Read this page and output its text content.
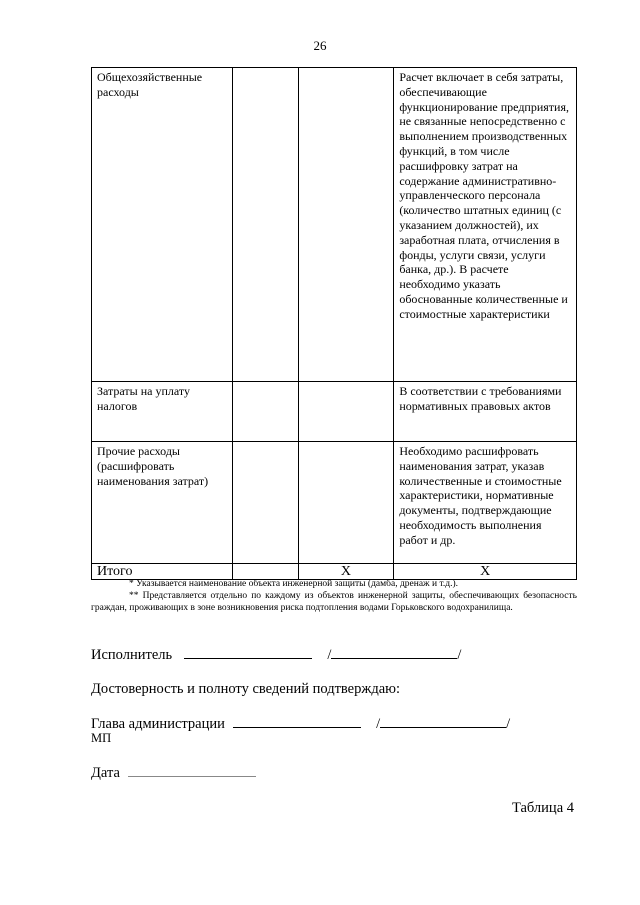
26
Общехозяйственные расходы			Расчет включает в себя затраты, обеспечивающие функционирование предприятия, не связанные непосредственно с выполнением производственных функций, в том числе расшифровку затрат на содержание административно-управленческого персонала (количество штатных единиц (с указанием должностей), их заработная плата, отчисления в фонды, услуги связи, услуги банка, др.). В расчете необходимо указать обоснованные количественные и стоимостные характеристики
Затраты на уплату налогов			В соответствии с требованиями нормативных правовых актов
Прочие расходы (расшифровать наименования затрат)			Необходимо расшифровать наименования затрат, указав количественные и стоимостные характеристики, нормативные документы, подтверждающие необходимость выполнения работ и др.
Итого		X	X

* Указывается наименование объекта инженерной защиты (дамба, дренаж и т.д.).

** Представляется отдельно по каждому из объектов инженерной защиты, обеспечивающих безопасность граждан, проживающих в зоне возникновения риска подтопления водами Горьковского водохранилища.

Исполнитель	/	/
Достоверность и полноту сведений подтверждаю:
Глава администрации	/	/
МП
Дата
Таблица 4
